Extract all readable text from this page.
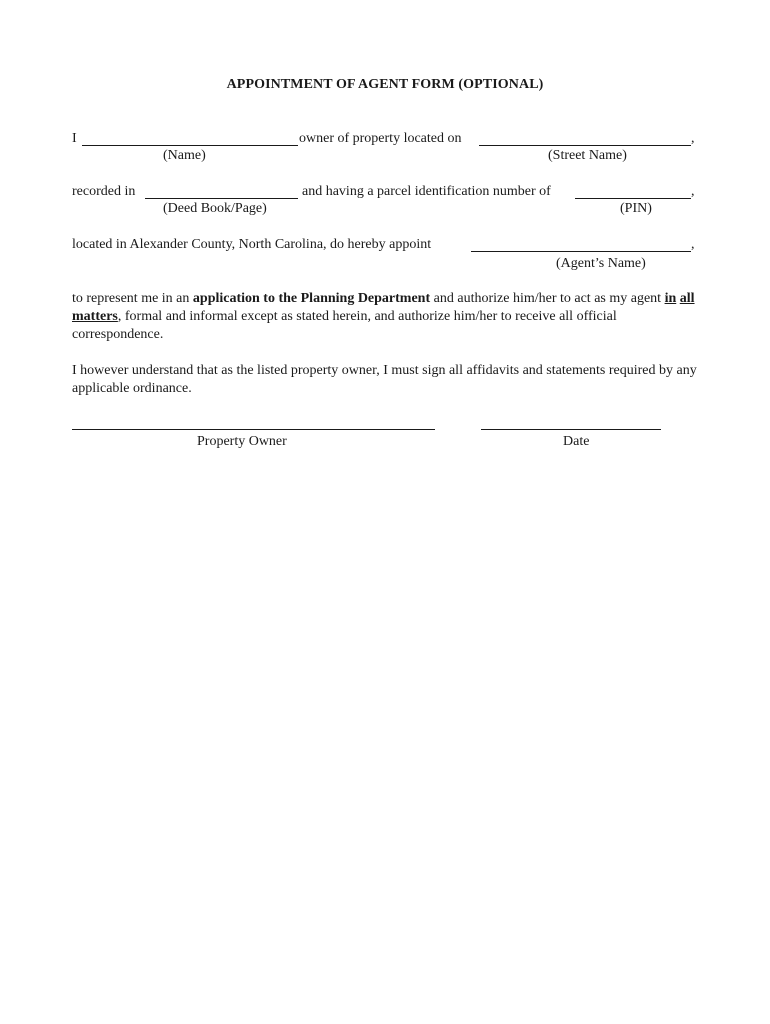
APPOINTMENT OF AGENT FORM (OPTIONAL)
I	owner of property located on	,
(Name)	(Street Name)
recorded in	and having a parcel identification number of	,
(Deed Book/Page)	(PIN)
located in Alexander County, North Carolina, do hereby appoint	,
(Agent’s Name)
to represent me in an application to the Planning Department and authorize him/her to act as my agent in all matters, formal and informal except as stated herein, and authorize him/her to receive all official correspondence.
I however understand that as the listed property owner, I must sign all affidavits and statements required by any applicable ordinance.
Property Owner	Date
